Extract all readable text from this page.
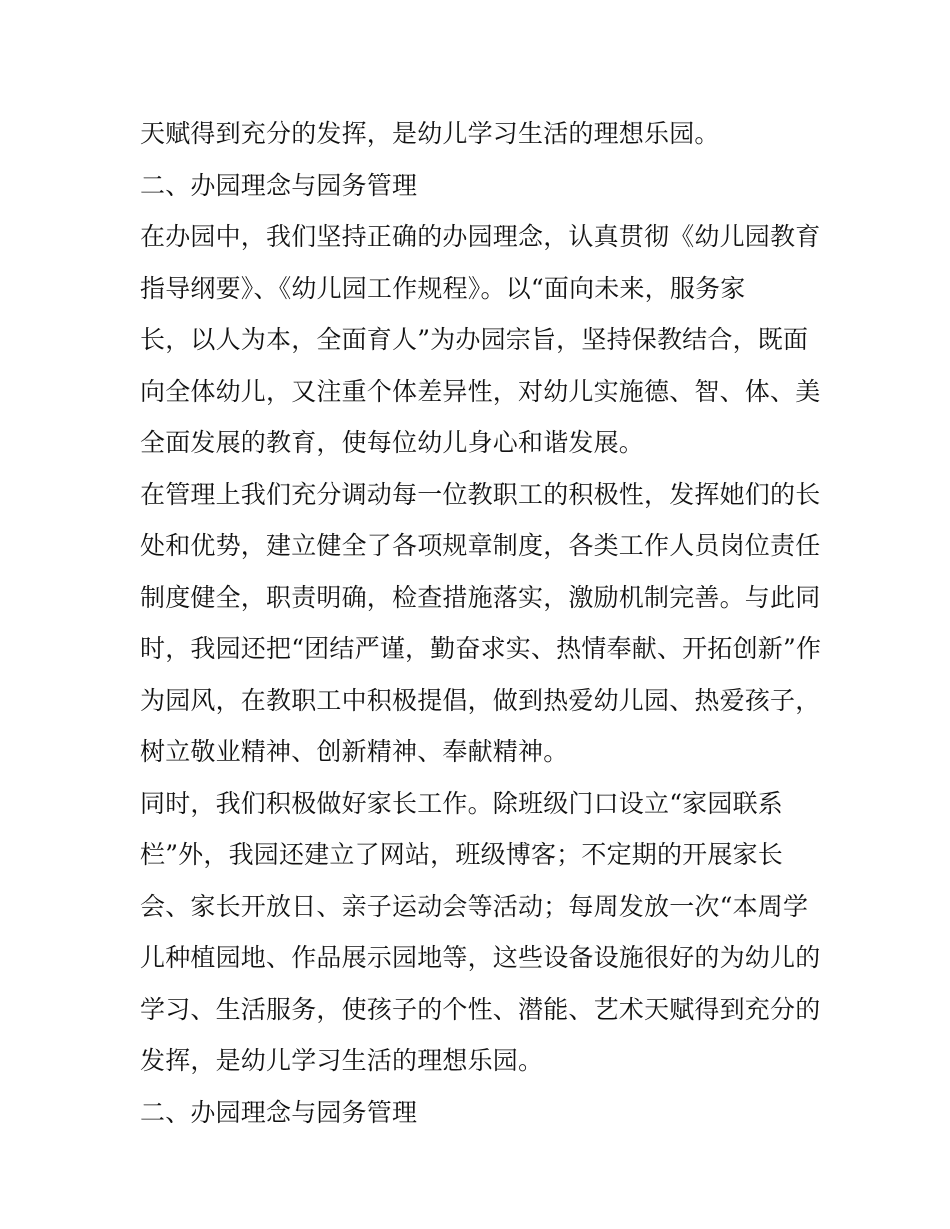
天赋得到充分的发挥，是幼儿学习生活的理想乐园。
二、办园理念与园务管理
在办园中，我们坚持正确的办园理念，认真贯彻《幼儿园教育
指导纲要》、《幼儿园工作规程》。以“面向未来，服务家
长，以人为本，全面育人”为办园宗旨，坚持保教结合，既面
向全体幼儿，又注重个体差异性，对幼儿实施德、智、体、美
全面发展的教育，使每位幼儿身心和谐发展。
在管理上我们充分调动每一位教职工的积极性，发挥她们的长
处和优势，建立健全了各项规章制度，各类工作人员岗位责任
制度健全，职责明确，检查措施落实，激励机制完善。与此同
时，我园还把“团结严谨，勤奋求实、热情奉献、开拓创新”作
为园风，在教职工中积极提倡，做到热爱幼儿园、热爱孩子，
树立敬业精神、创新精神、奉献精神。
同时，我们积极做好家长工作。除班级门口设立“家园联系
栏”外，我园还建立了网站，班级博客；不定期的开展家长
会、家长开放日、亲子运动会等活动；每周发放一次“本周学
儿种植园地、作品展示园地等，这些设备设施很好的为幼儿的
学习、生活服务，使孩子的个性、潜能、艺术天赋得到充分的
发挥，是幼儿学习生活的理想乐园。
二、办园理念与园务管理
